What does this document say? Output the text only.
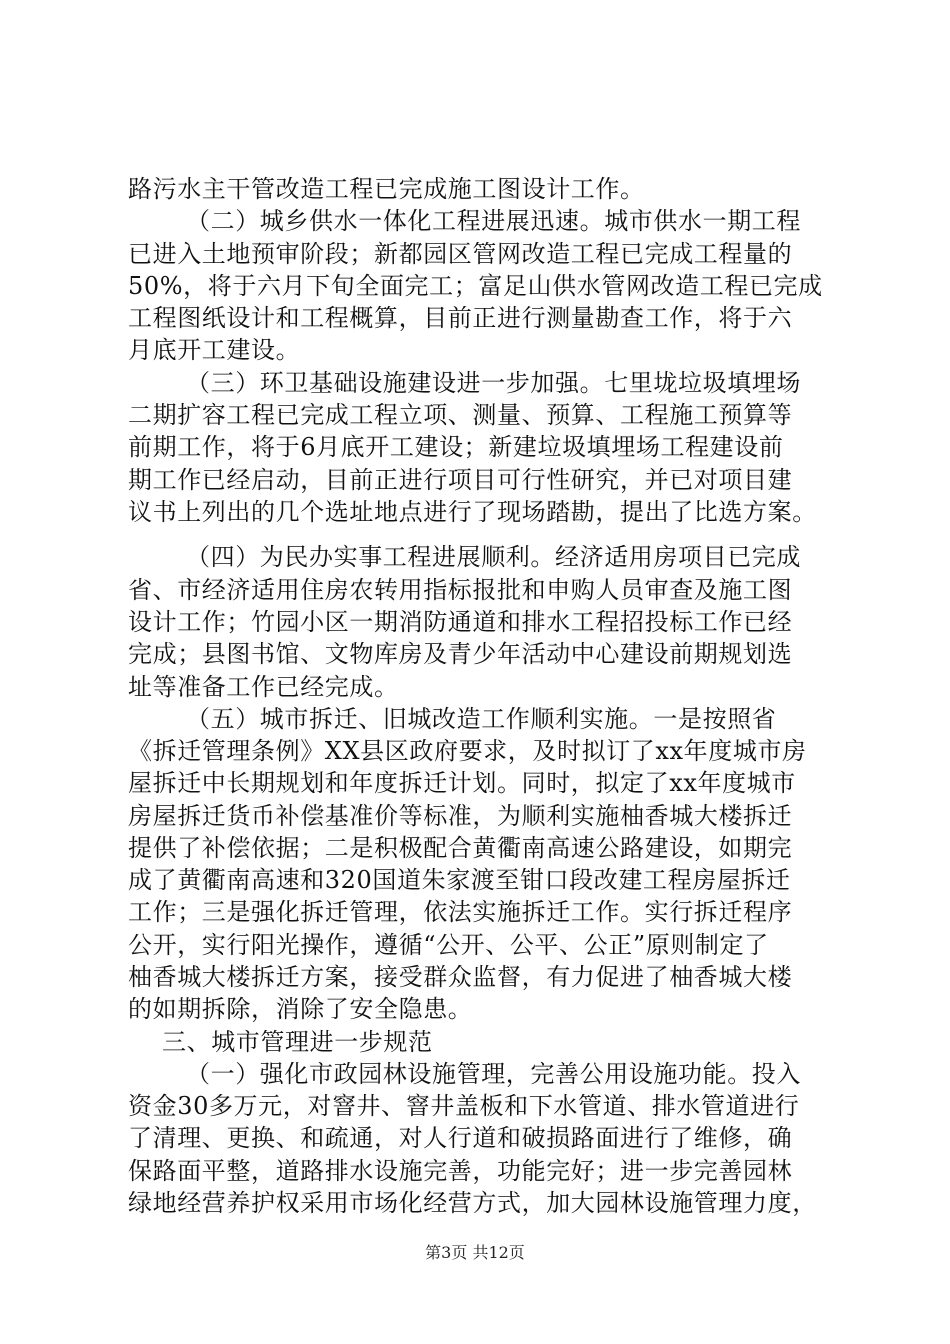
路污水主干管改造工程已完成施工图设计工作。
（二）城乡供水一体化工程进展迅速。城市供水一期工程
已进入土地预审阶段；新都园区管网改造工程已完成工程量的
50%，将于六月下旬全面完工；富足山供水管网改造工程已完成
工程图纸设计和工程概算，目前正进行测量勘查工作，将于六
月底开工建设。
（三）环卫基础设施建设进一步加强。七里垅垃圾填埋场
二期扩容工程已完成工程立项、测量、预算、工程施工预算等
前期工作，将于6月底开工建设；新建垃圾填埋场工程建设前
期工作已经启动，目前正进行项目可行性研究，并已对项目建
议书上列出的几个选址地点进行了现场踏勘，提出了比选方案。
（四）为民办实事工程进展顺利。经济适用房项目已完成
省、市经济适用住房农转用指标报批和申购人员审查及施工图
设计工作；竹园小区一期消防通道和排水工程招投标工作已经
完成；县图书馆、文物库房及青少年活动中心建设前期规划选
址等准备工作已经完成。
（五）城市拆迁、旧城改造工作顺利实施。一是按照省
《拆迁管理条例》XX县区政府要求，及时拟订了xx年度城市房
屋拆迁中长期规划和年度拆迁计划。同时，拟定了xx年度城市
房屋拆迁货币补偿基准价等标准，为顺利实施柚香城大楼拆迁
提供了补偿依据；二是积极配合黄衢南高速公路建设，如期完
成了黄衢南高速和320国道朱家渡至钳口段改建工程房屋拆迁
工作；三是强化拆迁管理，依法实施拆迁工作。实行拆迁程序
公开，实行阳光操作，遵循“公开、公平、公正”原则制定了
柚香城大楼拆迁方案，接受群众监督，有力促进了柚香城大楼
的如期拆除，消除了安全隐患。
三、城市管理进一步规范
（一）强化市政园林设施管理，完善公用设施功能。投入
资金30多万元，对窨井、窨井盖板和下水管道、排水管道进行
了清理、更换、和疏通，对人行道和破损路面进行了维修，确
保路面平整，道路排水设施完善，功能完好；进一步完善园林
绿地经营养护权采用市场化经营方式，加大园林设施管理力度，
第3页 共12页
